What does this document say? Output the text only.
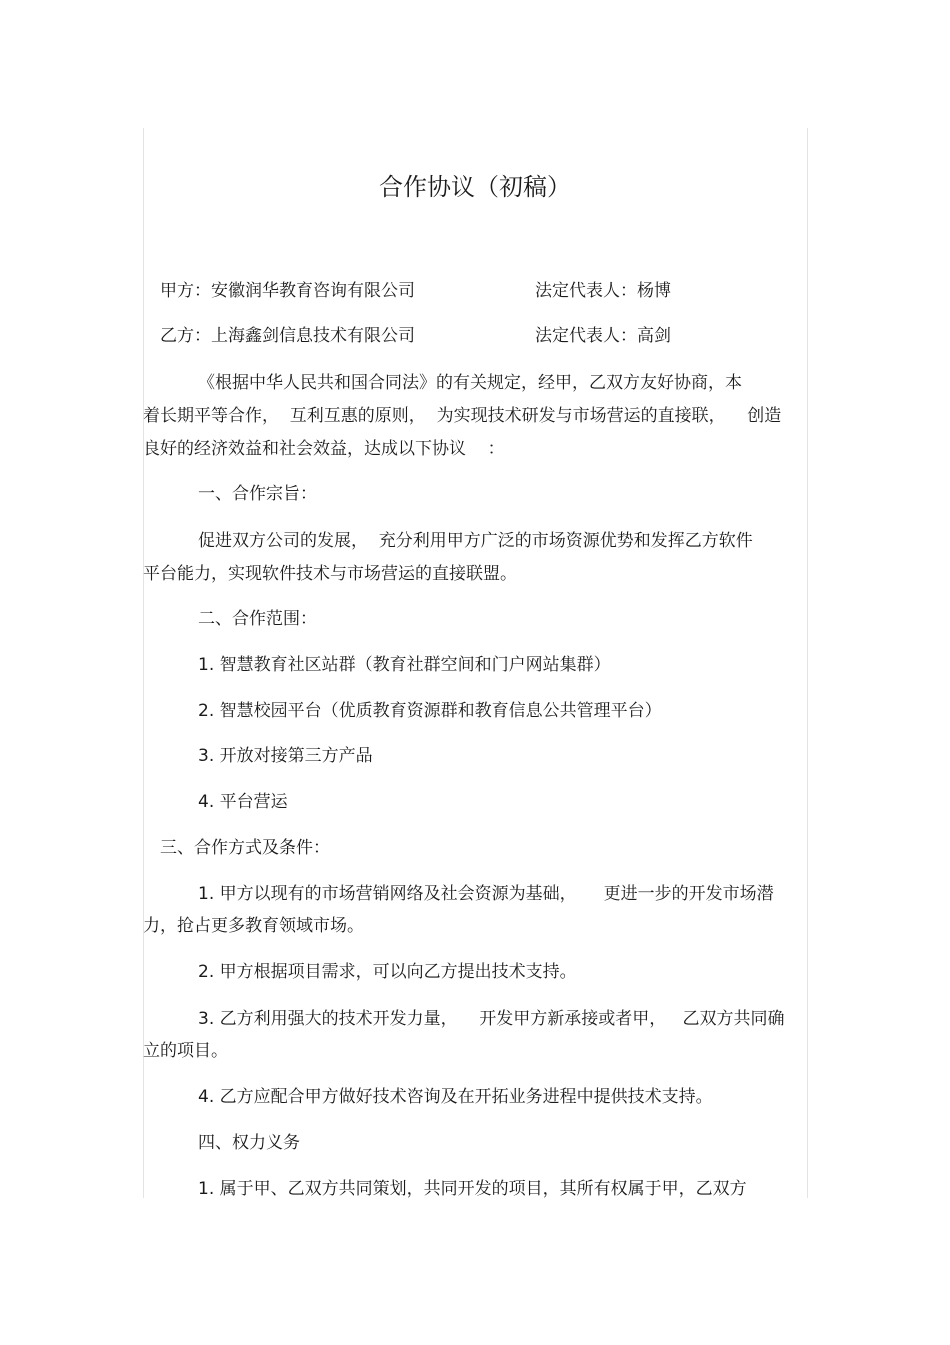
合作协议（初稿）

甲方：安徽润华教育咨询有限公司	法定代表人：杨博

乙方：上海鑫剑信息技术有限公司	法定代表人：高剑

《根据中华人民共和国合同法》的有关规定，经甲，乙双方友好协商，本

着长期平等合作，  互利互惠的原则，  为实现技术研发与市场营运的直接联，    创造

良好的经济效益和社会效益，达成以下协议    ：

一、合作宗旨：

促进双方公司的发展，  充分利用甲方广泛的市场资源优势和发挥乙方软件

平台能力，实现软件技术与市场营运的直接联盟。

二、合作范围：

1. 智慧教育社区站群（教育社群空间和门户网站集群）

2. 智慧校园平台（优质教育资源群和教育信息公共管理平台）

3. 开放对接第三方产品

4. 平台营运

三、合作方式及条件：

1. 甲方以现有的市场营销网络及社会资源为基础，     更进一步的开发市场潜

力，抢占更多教育领域市场。

2. 甲方根据项目需求，可以向乙方提出技术支持。

3. 乙方利用强大的技术开发力量，    开发甲方新承接或者甲，   乙双方共同确

立的项目。

4. 乙方应配合甲方做好技术咨询及在开拓业务进程中提供技术支持。

四、权力义务

1. 属于甲、乙双方共同策划，共同开发的项目，其所有权属于甲，乙双方
